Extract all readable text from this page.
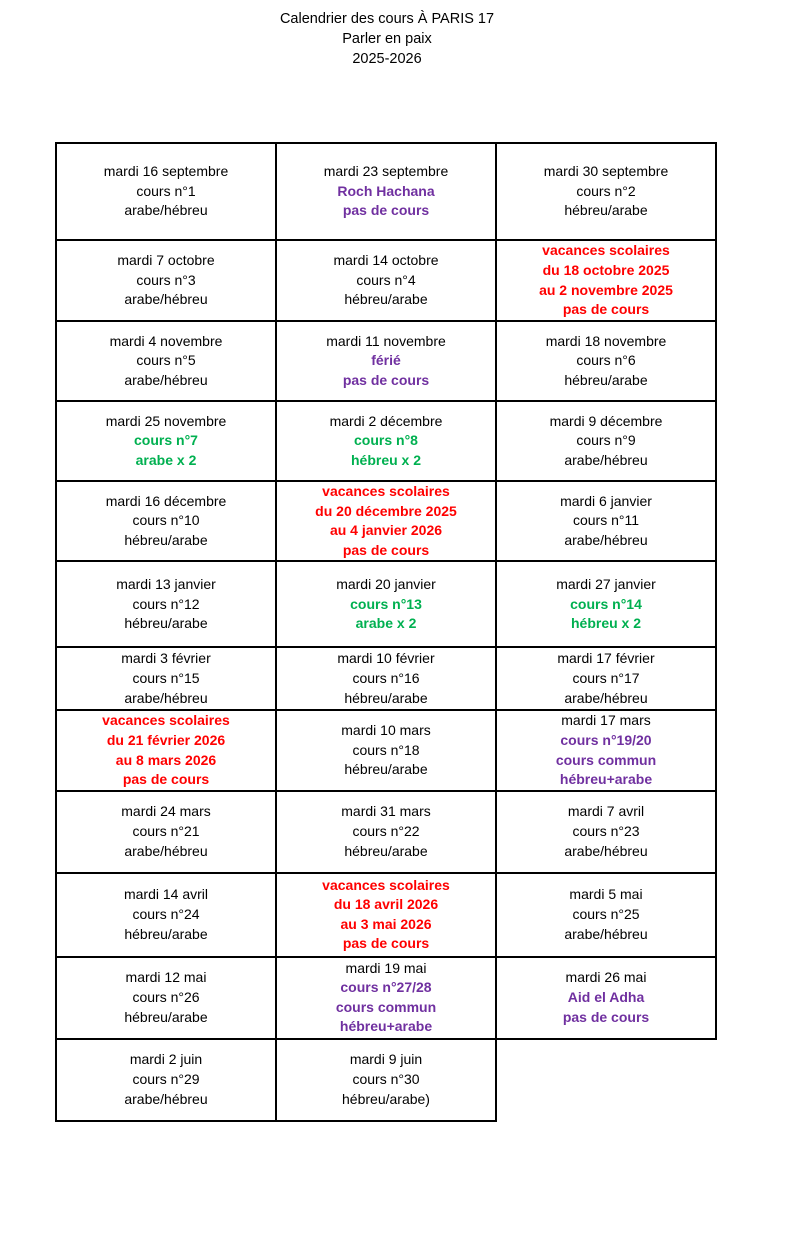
Calendrier des cours À PARIS 17
Parler en paix
2025-2026
mardi 16 septembre
cours n°1
arabe/hébreu	mardi 23 septembre
Roch Hachana
pas de cours	mardi 30 septembre
cours n°2
hébreu/arabe

mardi 7 octobre
cours n°3
arabe/hébreu	mardi 14 octobre
cours n°4
hébreu/arabe	vacances scolaires
du 18 octobre 2025
au 2 novembre 2025
pas de cours

mardi 4 novembre
cours n°5
arabe/hébreu	mardi 11 novembre
férié
pas de cours	mardi 18 novembre
cours n°6
hébreu/arabe

mardi 25 novembre
cours n°7
arabe x 2	mardi 2 décembre
cours n°8
hébreu x 2	mardi 9 décembre
cours n°9
arabe/hébreu

mardi 16 décembre
cours n°10
hébreu/arabe	vacances scolaires
du 20 décembre 2025
au 4 janvier 2026
pas de cours	mardi 6 janvier
cours n°11
arabe/hébreu

mardi 13 janvier
cours n°12
hébreu/arabe	mardi 20 janvier
cours n°13
arabe x 2	mardi 27 janvier
cours n°14
hébreu x 2

mardi 3 février
cours n°15
arabe/hébreu	mardi 10 février
cours n°16
hébreu/arabe	mardi 17 février
cours n°17
arabe/hébreu

vacances scolaires
du 21 février 2026
au 8 mars 2026
pas de cours	mardi 10 mars
cours n°18
hébreu/arabe	mardi 17 mars
cours n°19/20
cours commun
hébreu+arabe

mardi 24 mars
cours n°21
arabe/hébreu	mardi 31 mars
cours n°22
hébreu/arabe	mardi 7 avril
cours n°23
arabe/hébreu

mardi 14 avril
cours n°24
hébreu/arabe	vacances scolaires
du 18 avril 2026
au 3 mai 2026
pas de cours	mardi 5 mai
cours n°25
arabe/hébreu

mardi 12 mai
cours n°26
hébreu/arabe	mardi 19 mai
cours n°27/28
cours commun
hébreu+arabe	mardi 26 mai
Aid el Adha
pas de cours

mardi 2 juin
cours n°29
arabe/hébreu	mardi 9 juin
cours n°30
hébreu/arabe)	
